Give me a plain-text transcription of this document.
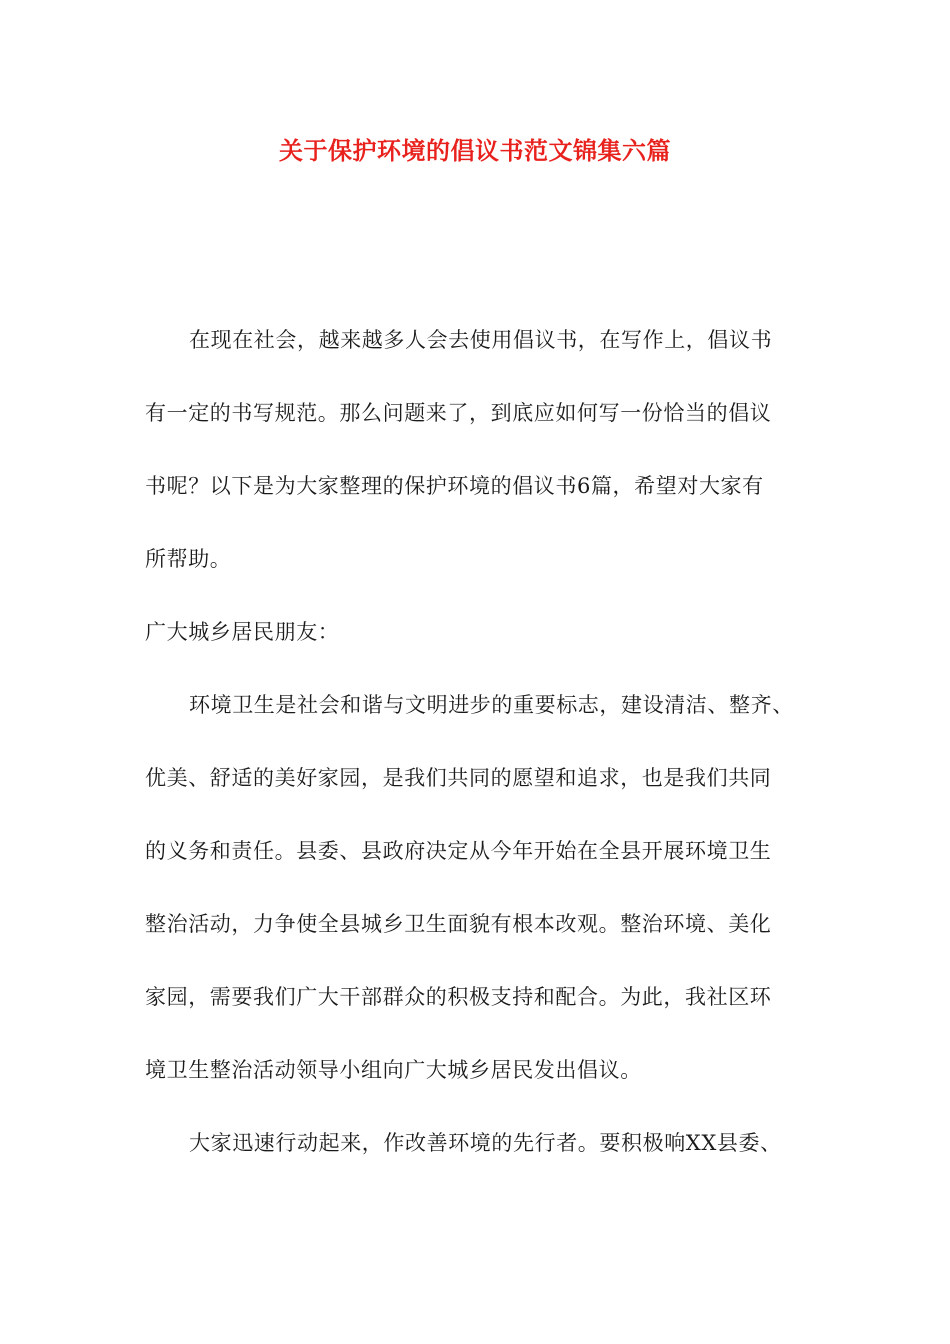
关于保护环境的倡议书范文锦集六篇
在现在社会，越来越多人会去使用倡议书，在写作上，倡议书
有一定的书写规范。那么问题来了，到底应如何写一份恰当的倡议
书呢？以下是为大家整理的保护环境的倡议书6篇，希望对大家有
所帮助。
广大城乡居民朋友：
环境卫生是社会和谐与文明进步的重要标志，建设清洁、整齐、
优美、舒适的美好家园，是我们共同的愿望和追求，也是我们共同
的义务和责任。县委、县政府决定从今年开始在全县开展环境卫生
整治活动，力争使全县城乡卫生面貌有根本改观。整治环境、美化
家园，需要我们广大干部群众的积极支持和配合。为此，我社区环
境卫生整治活动领导小组向广大城乡居民发出倡议。
大家迅速行动起来，作改善环境的先行者。要积极响XX县委、
